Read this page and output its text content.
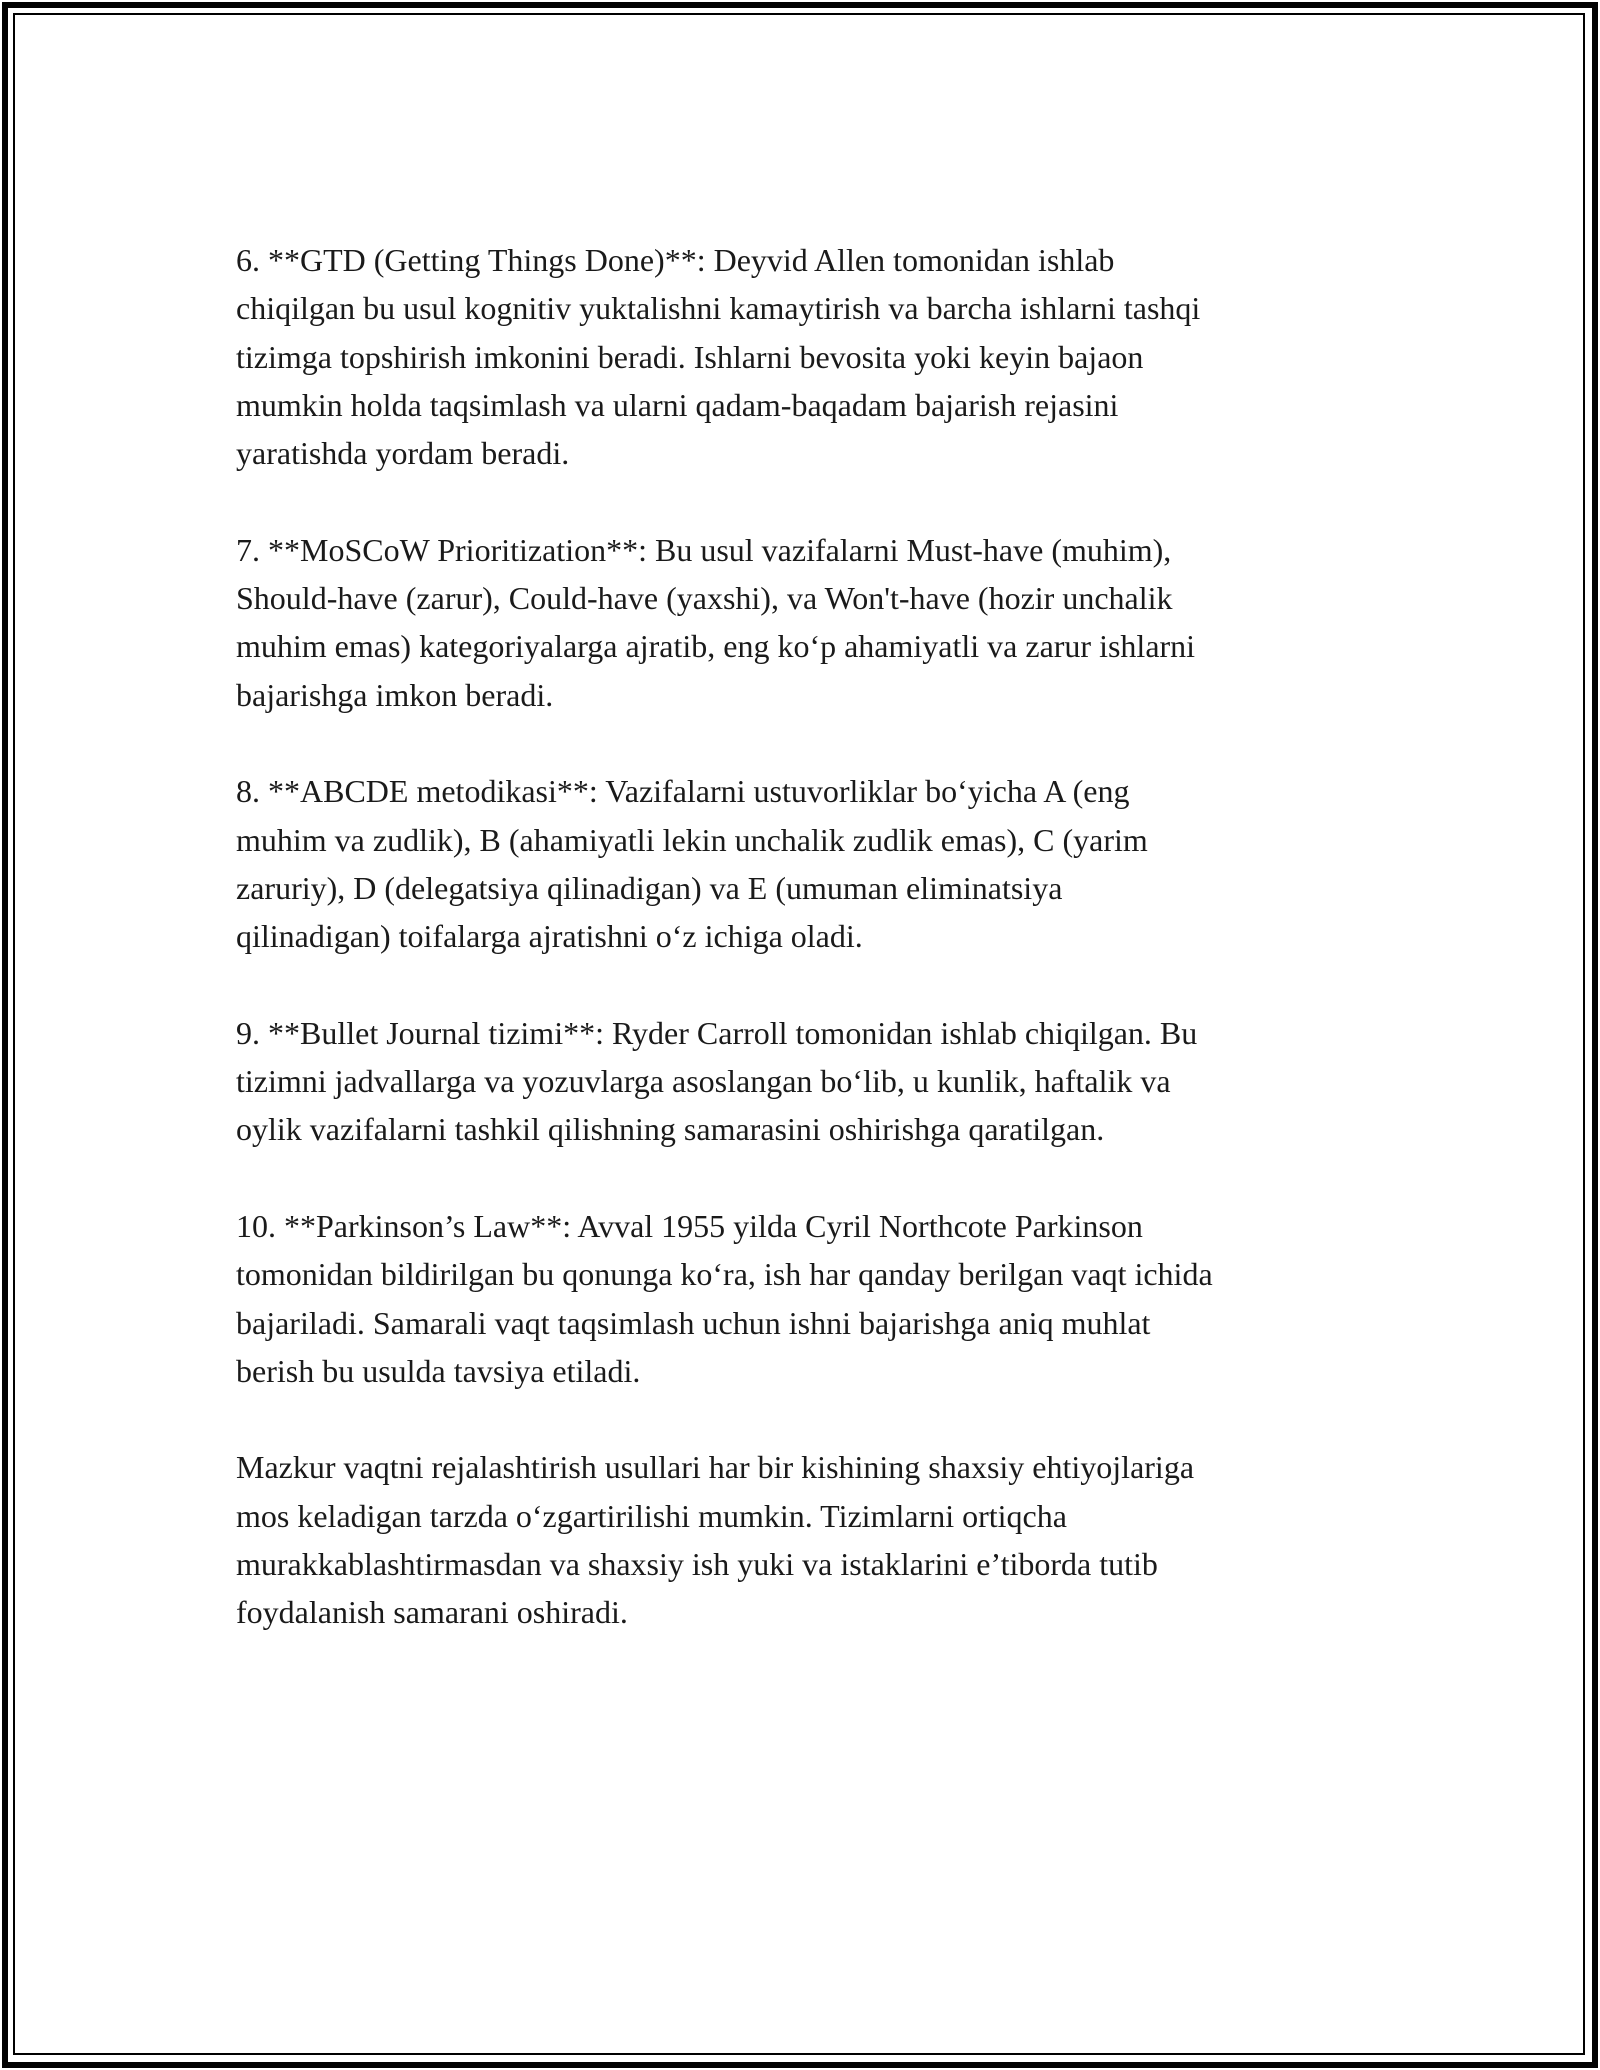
6. **GTD (Getting Things Done)**: Deyvid Allen tomonidan ishlab
chiqilgan bu usul kognitiv yuktalishni kamaytirish va barcha ishlarni tashqi
tizimga topshirish imkonini beradi. Ishlarni bevosita yoki keyin bajaon
mumkin holda taqsimlash va ularni qadam-baqadam bajarish rejasini
yaratishda yordam beradi.

7. **MoSCoW Prioritization**: Bu usul vazifalarni Must-have (muhim),
Should-have (zarur), Could-have (yaxshi), va Won't-have (hozir unchalik
muhim emas) kategoriyalarga ajratib, eng ko‘p ahamiyatli va zarur ishlarni
bajarishga imkon beradi.

8. **ABCDE metodikasi**: Vazifalarni ustuvorliklar bo‘yicha A (eng
muhim va zudlik), B (ahamiyatli lekin unchalik zudlik emas), C (yarim
zaruriy), D (delegatsiya qilinadigan) va E (umuman eliminatsiya
qilinadigan) toifalarga ajratishni o‘z ichiga oladi.

9. **Bullet Journal tizimi**: Ryder Carroll tomonidan ishlab chiqilgan. Bu
tizimni jadvallarga va yozuvlarga asoslangan bo‘lib, u kunlik, haftalik va
oylik vazifalarni tashkil qilishning samarasini oshirishga qaratilgan.

10. **Parkinson’s Law**: Avval 1955 yilda Cyril Northcote Parkinson
tomonidan bildirilgan bu qonunga ko‘ra, ish har qanday berilgan vaqt ichida
bajariladi. Samarali vaqt taqsimlash uchun ishni bajarishga aniq muhlat
berish bu usulda tavsiya etiladi.

Mazkur vaqtni rejalashtirish usullari har bir kishining shaxsiy ehtiyojlariga
mos keladigan tarzda o‘zgartirilishi mumkin. Tizimlarni ortiqcha
murakkablashtirmasdan va shaxsiy ish yuki va istaklarini e’tiborda tutib
foydalanish samarani oshiradi.
